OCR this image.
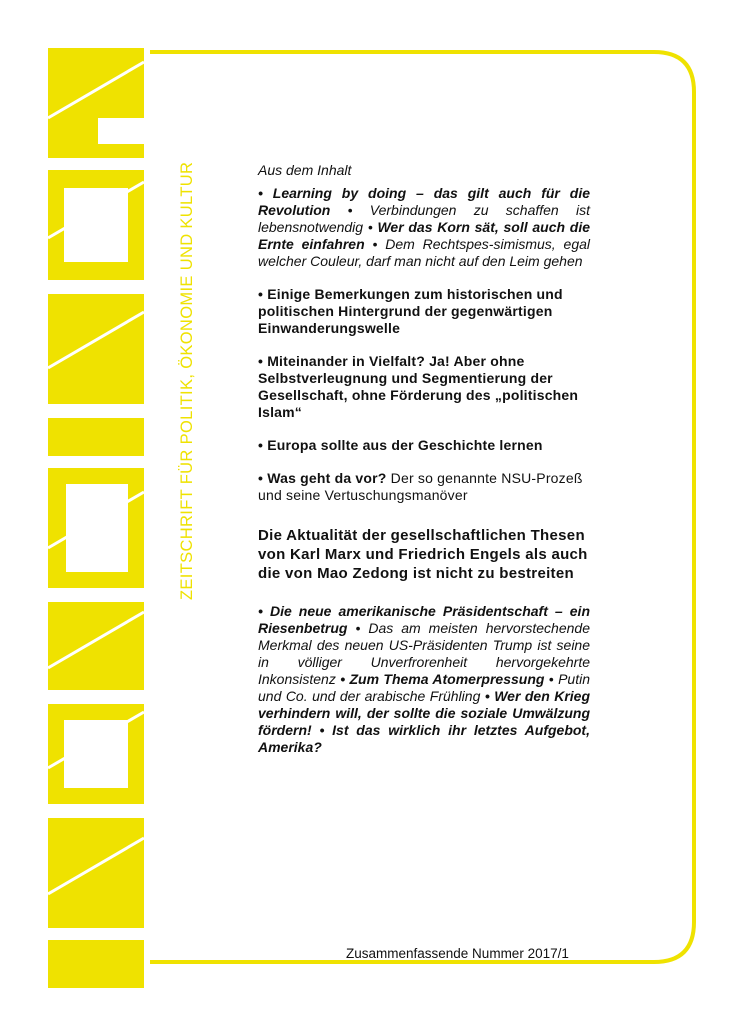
ZEITSCHRIFT FÜR POLITIK, ÖKONOMIE UND KULTUR	Aus dem Inhalt

• Learning by doing – das gilt auch für die Revolution • Verbindungen zu schaffen ist lebensnotwendig • Wer das Korn sät, soll auch die Ernte einfahren • Dem Rechtspes-simismus, egal welcher Couleur, darf man nicht auf den Leim gehen

• Einige Bemerkungen zum historischen und politischen Hintergrund der gegenwärtigen Einwanderungswelle

• Miteinander in Vielfalt? Ja! Aber ohne Selbstverleugnung und Segmentierung der Gesellschaft, ohne Förderung des „politischen Islam“

• Europa sollte aus der Geschichte lernen

• Was geht da vor? Der so genannte NSU-Prozeß und seine Vertuschungsmanöver

Die Aktualität der gesellschaftlichen Thesen von Karl Marx und Friedrich Engels als auch die von Mao Zedong ist nicht zu bestreiten

• Die neue amerikanische Präsidentschaft – ein Riesenbetrug • Das am meisten hervorstechende Merkmal des neuen US-Präsidenten Trump ist seine in völliger Unverfrorenheit hervorgekehrte Inkonsistenz • Zum Thema Atomerpressung • Putin und Co. und der arabische Frühling • Wer den Krieg verhindern will, der sollte die soziale Umwälzung fördern! • Ist das wirklich ihr letztes Aufgebot, Amerika?

Zusammenfassende Nummer 2017/1
